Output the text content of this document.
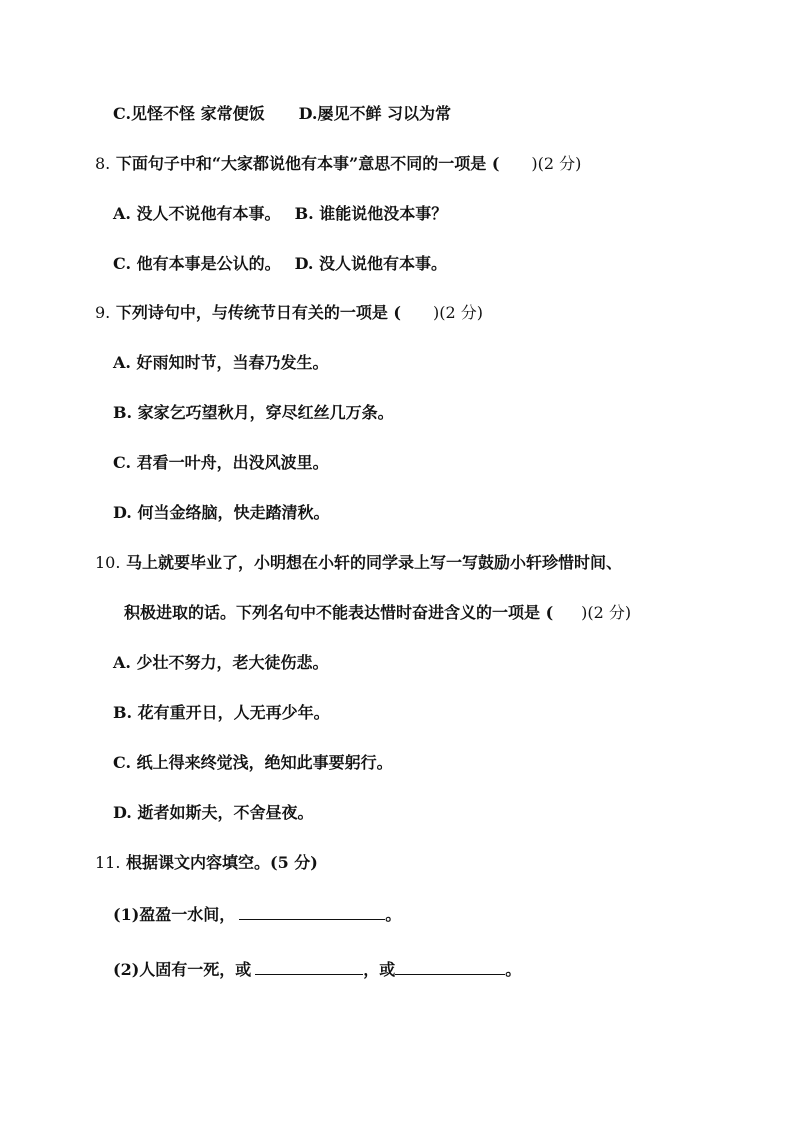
C.见怪不怪 家常便饭 D.屡见不鲜 习以为常
8. 下面句子中和“大家都说他有本事”意思不同的一项是 ( )(2 分)
A. 没人不说他有本事。 B. 谁能说他没本事？
C. 他有本事是公认的。 D. 没人说他有本事。
9. 下列诗句中，与传统节日有关的一项是 ( )(2 分)
A. 好雨知时节，当春乃发生。
B. 家家乞巧望秋月，穿尽红丝几万条。
C. 君看一叶舟，出没风波里。
D. 何当金络脑，快走踏清秋。
10. 马上就要毕业了，小明想在小轩的同学录上写一写鼓励小轩珍惜时间、
积极进取的话。下列名句中不能表达惜时奋进含义的一项是 ( )(2 分)
A. 少壮不努力，老大徒伤悲。
B. 花有重开日，人无再少年。
C. 纸上得来终觉浅，绝知此事要躬行。
D. 逝者如斯夫，不舍昼夜。
11. 根据课文内容填空。(5 分)
(1)盈盈一水间，	。
(2)人固有一死，或	，或	。
